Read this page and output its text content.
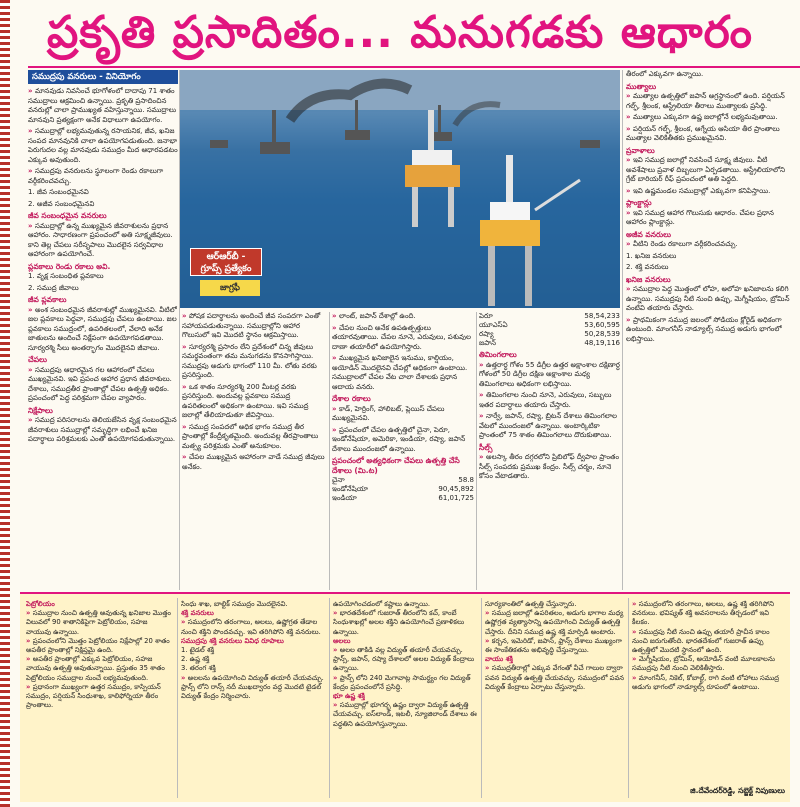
ప్రకృతి ప్రసాదితం... మనుగడకు ఆధారం
సముద్రపు వనరులు - వినియోగం

» మానవుడు నివసించే భూగోళంలో దాదాపు 71 శాతం సముద్రాలు ఆక్రమించి ఉన్నాయి. ప్రకృతి ప్రసాదించిన వనరుల్లో చాలా ప్రాముఖ్యత వహిస్తున్నాయి. సముద్రాలు మానవుని ప్రత్యక్షంగా అనేక విధాలుగా ఉపయోగం.

» సముద్రాల్లో లభ్యమవుతున్న రసాయనిక, జీవ, ఖనిజ సంపద మానవునికి చాలా ఉపయోగపడుతుంది. జనాభా పెరుగుదల వల్ల మానవుడు సముద్రం మీద ఆధారపడటం ఎక్కువ అవుతుంది.

» సముద్రపు వనరులను స్థూలంగా రెండు రకాలుగా వర్గీకరించవచ్చు.

1. జీవ సంబంధమైనవి

2. అజీవ సంబంధమైనవి

జీవ సంబంధమైన వనరులు

» సముద్రాల్లో ఉన్న ముఖ్యమైన జీవరాశులను ప్రధాన ఆహారం. సాధారణంగా ప్రపంచంలో అతి సూక్ష్మజీవులు. కాని తెల్ల చేపలు సరీసృపాలు మొదలైన సర్వవిధాల ఆహారంగా ఉపయోగించే.

ప్లవకాలు రెండు రకాలు అవి.

1. వృక్ష సంబంధిత ప్లవకాలు

2. సముద్ర జీవాలు

జీవ ప్లవకాలు

» అంశ సంబంధమైన జీవరాశుల్లో ముఖ్యమైనవి. వీటిలో జల ప్లవకాలు పెద్దవా, సముద్రపు చేపలు ఉంటాయి. జల ప్లవకాలు సముద్రంలో, ఉపరితలంలో, వేలాది అనేక జాతులను అందించే నిక్షేపంగా ఉపయోగపడతాయి. సూర్యరశ్మి సీలు అంతర్భాగం మొదలైనవి జీవాలు.

చేపలు

» సముద్రపు ఆధారమైన గల ఆహారంలో చేపలు ముఖ్యమైనవి. ఇవి ప్రపంచ ఆహార ప్రధాన జీవరాశులు. దేశాలు, సముద్రతీర ప్రాంతాల్లో చేపల ఉత్పత్తి అధికం. ప్రపంచంలో పెద్ద పరిశ్రమగా చేపల వ్యాపారం.

నిక్షేపాలు

» సముద్ర పరిసరాలను తెలియజేసిన వృక్ష సంబంధమైన జీవరాశులు సముద్రాల్లో సమృద్ధిగా లభించే ఖనిజ పదార్థాలు పరిశ్రమలకు ఎంతో ఉపయోగపడుతున్నాయి.

ఆర్‌ఆర్‌బీ -
గ్రూప్స్ ప్రత్యేకం
జాగ్రఫీ

» పోషక పదార్థాలను అందించే జీవ సంపదగా ఎంతో సహాయపడుతున్నాయి. సముద్రాల్లోని ఆహార గొలుసులో ఇవి మొదటి స్థానం ఆక్రమిస్తాయి.

» సూర్యరశ్మి ప్రసారం లేని ప్రదేశంలో చిన్న జీవులు సమర్థవంతంగా తమ మనుగడను కొనసాగిస్తాయి. సముద్రపు అడుగు భాగంలో 110 మీ. లోతు వరకు ప్రసరిస్తుంది.

» ఒక శాతం సూర్యరశ్మి 200 మీటర్ల వరకు ప్రసరిస్తుంది. అందువల్ల ప్లవకాలు సముద్ర ఉపరితలంలో అధికంగా ఉంటాయి. ఇవి సముద్ర జలాల్లో తేలియాడుతూ జీవిస్తాయి.

» సముద్ర సంపదలో అధిక భాగం సముద్ర తీర ప్రాంతాల్లో కేంద్రీకృతమైంది. అందువల్ల తీరప్రాంతాలు మత్స్య పరిశ్రమకు ఎంతో అనుకూలం.

» చేపల ముఖ్యమైన ఆహారంగా వాడే సముద్ర జీవులు అనేకం.

» లాంట్, జపాన్ దేశాల్లో ఉంది.

» చేపల నుంచి అనేక ఉపఉత్పత్తులు తయారవుతాయి. చేపల నూనె, ఎరువులు, పశువుల దాణా తయారీలో ఉపయోగిస్తారు.

» ముఖ్యమైన ఖనిజాలైన ఇనుము, కాల్షియం, అయోడిన్ మొదలైనవి చేపల్లో అధికంగా ఉంటాయి. సముద్రాలలో చేపల వేట చాలా దేశాలకు ప్రధాన ఆదాయ వనరు.

దేశాల రకాలు

» కాడ్, హెర్రింగ్, హాలిబట్, ప్లెయిస్ చేపలు ముఖ్యమైనవి.

» ప్రపంచంలో చేపల ఉత్పత్తిలో చైనా, పెరూ, ఇండోనేషియా, అమెరికా, ఇండియా, రష్యా, జపాన్ దేశాలు ముందంజలో ఉన్నాయి.

ప్రపంచంలో అత్యధికంగా చేపలు ఉత్పత్తి చేసే దేశాలు (మి.ట)
చైనా	58.8
ఇండోనేషియా	90,45,892
ఇండియా	61,01,725
పెరూ	58,54,233
యూఎస్ఏ	53,60,595
రష్యా	50,28,539
జపాన్	48,19,116
తిమింగలాలు

» ఉత్తరార్ధ గోళం 55 డిగ్రీల ఉత్తర అక్షాంశాల దక్షిణార్ధ గోళంలో 50 డిగ్రీల దక్షిణ అక్షాంశాల మధ్య తిమింగలాలు అధికంగా లభిస్తాయి.

» తిమింగలాల నుంచి నూనె, ఎరువులు, సబ్బులు ఇతర పదార్థాలు తయారు చేస్తారు.

» నార్వే, జపాన్, రష్యా, బ్రిటన్ దేశాలు తిమింగలాల వేటలో ముందంజలో ఉన్నాయి. అంటార్కిటికా ప్రాంతంలో 75 శాతం తిమింగలాలు దొరుకుతాయి.

సీల్స్

» అలస్కా తీరం దగ్గరలోని ప్రిబిలోఫ్ ద్వీపాల ప్రాంతం సీల్స్ సంపదకు ప్రముఖ కేంద్రం. సీల్స్ చర్మం, నూనె కోసం వేటాడతారు.

తీరంలో ఎక్కువగా ఉన్నాయి.

ముత్యాలు

» ముత్యాల ఉత్పత్తిలో జపాన్ అగ్రస్థానంలో ఉంది. పర్షియన్ గల్ఫ్, శ్రీలంక, ఆస్ట్రేలియా తీరాలు ముత్యాలకు ప్రసిద్ధి.

» ముత్యాలు ఎక్కువగా ఉష్ణ జలాల్లోనే లభ్యమవుతాయి.

» పర్షియన్ గల్ఫ్, శ్రీలంక, ఆగ్నేయ ఆసియా తీర ప్రాంతాలు ముత్యాల వెలికితీతకు ప్రముఖమైనవి.

ప్రవాళాలు

» ఇవి సముద్ర జలాల్లో నివసించే సూక్ష్మ జీవులు. వీటి అవశేషాలు ప్రవాళ దిబ్బలుగా ఏర్పడతాయి. ఆస్ట్రేలియాలోని గ్రేట్ బారియర్ రీఫ్ ప్రపంచంలో అతి పెద్దది.

» ఇవి ఉష్ణమండల సముద్రాల్లో ఎక్కువగా కనిపిస్తాయి.

ప్లాంక్టాన్లు

» ఇవి సముద్ర ఆహార గొలుసుకు ఆధారం. చేపల ప్రధాన ఆహారం ప్లాంక్టాన్లు.

అజీవ వనరులు

» వీటిని రెండు రకాలుగా వర్గీకరించవచ్చు.

1. ఖనిజ వనరులు

2. శక్తి వనరులు

ఖనిజ వనరులు

» సముద్రాల పెద్ద మొత్తంలో లోహ, అలోహ ఖనిజాలను కలిగి ఉన్నాయి. సముద్రపు నీటి నుంచి ఉప్పు, మెగ్నీషియం, బ్రోమిన్ వంటివి తయారు చేస్తారు.

» ప్రాథమికంగా సముద్ర జలంలో సోడియం క్లోరైడ్ అధికంగా ఉంటుంది. మాంగనీస్ నాడ్యూల్స్ సముద్ర అడుగు భాగంలో లభిస్తాయి.

పెట్రోలియం

» సముద్రాల నుంచి ఉత్పత్తి అవుతున్న ఖనిజాల మొత్తం విలువలో 90 శాతానికిపైగా పెట్రోలియం, సహజ వాయువు ఉన్నాయి.

» ప్రపంచంలోని మొత్తం పెట్రోలియం నిక్షేపాల్లో 20 శాతం అపతీర ప్రాంతాల్లో నిక్షిప్తమై ఉంది.

» అపతీర ప్రాంతాల్లో ఎక్కువ పెట్రోలియం, సహజ వాయువు ఉత్పత్తి అవుతున్నాయి. ప్రస్తుతం 35 శాతం పెట్రోలియం సముద్రాల నుంచే లభ్యమవుతుంది.

» ప్రధానంగా ముఖ్యంగా ఉత్తర సముద్రం, కాస్పియన్ సముద్రం, పర్షియన్ సింధుశాఖ, కాలిఫోర్నియా తీరం ప్రాంతాలు.

సింధు శాఖ, బాల్టిక్ సముద్రం మొదలైనవి.

శక్తి వనరులు

» సముద్రంలోని తరంగాలు, అలలు, ఉష్ణోగ్రత తేడాల నుంచి శక్తిని పొందవచ్చు. ఇవి తరిగిపోని శక్తి వనరులు.

సముద్రపు శక్తి వనరులు వివిధ రూపాలు

1. టైడల్ శక్తి

2. ఉష్ణ శక్తి

3. తరంగ శక్తి

» అలలను ఉపయోగించి విద్యుత్ తయారీ చేయవచ్చు. ఫ్రాన్స్ లోని రాన్స్ నదీ ముఖద్వారం వద్ద మొదటి టైడల్ విద్యుత్ కేంద్రం నిర్మించారు.

ఉపయోగించడంలో కష్టాలు ఉన్నాయి.

» భారతదేశంలో గుజరాత్ తీరంలోని కచ్, కాంబే సింధుశాఖల్లో అలల శక్తిని ఉపయోగించే ప్రణాళికలు ఉన్నాయి.

అలలు

» అలల తాకిడి వల్ల విద్యుత్ తయారీ చేయవచ్చు. ఫ్రాన్స్, జపాన్, రష్యా దేశాలలో అలల విద్యుత్ కేంద్రాలు ఉన్నాయి.

» ఫ్రాన్స్ లోని 240 మెగావాట్ల సామర్థ్యం గల విద్యుత్ కేంద్రం ప్రపంచంలోనే ప్రసిద్ధి.

భూ ఉష్ణ శక్తి

» సముద్రాల్లో భూగర్భ ఉష్ణం ద్వారా విద్యుత్ ఉత్పత్తి చేయవచ్చు. ఐస్‌లాండ్, ఇటలీ, న్యూజిలాండ్ దేశాలు ఈ పద్ధతిని ఉపయోగిస్తున్నాయి.

సూర్యకాంతిలో ఉత్పత్తి చేస్తున్నారు.

» సముద్ర జలాల్లో ఉపరితలం, అడుగు భాగాల మధ్య ఉష్ణోగ్రత వ్యత్యాసాన్ని ఉపయోగించి విద్యుత్ ఉత్పత్తి చేస్తారు. దీనిని సముద్ర ఉష్ణ శక్తి మార్పిడి అంటారు.

» కర్బన, ఇమెరిడో, జపాన్, ఫ్రాన్స్ దేశాలు ముఖ్యంగా ఈ సాంకేతికతను అభివృద్ధి చేస్తున్నాయి.

వాయు శక్తి

» సముద్రతీరాల్లో ఎక్కువ వేగంతో వీచే గాలుల ద్వారా పవన విద్యుత్ ఉత్పత్తి చేయవచ్చు. సముద్రంలో పవన విద్యుత్ కేంద్రాలు ఏర్పాటు చేస్తున్నారు.

» సముద్రంలోని తరంగాలు, అలలు, ఉష్ణ శక్తి తరిగిపోని వనరులు. భవిష్యత్ శక్తి అవసరాలను తీర్చడంలో ఇవి కీలకం.

» సముద్రపు నీటి నుంచి ఉప్పు తయారీ ప్రాచీన కాలం నుంచి జరుగుతోంది. భారతదేశంలో గుజరాత్ ఉప్పు ఉత్పత్తిలో మొదటి స్థానంలో ఉంది.

» మెగ్నీషియం, బ్రోమిన్, అయోడిన్ వంటి మూలకాలను సముద్రపు నీటి నుంచి వెలికితీస్తారు.

» మాంగనీస్, నికెల్, కోబాల్ట్, రాగి వంటి లోహాలు సముద్ర అడుగు భాగంలో నాడ్యూల్స్ రూపంలో ఉంటాయి.

జి.దేవేందర్‌రెడ్డి, సబ్జెక్ట్ నిపుణులు
